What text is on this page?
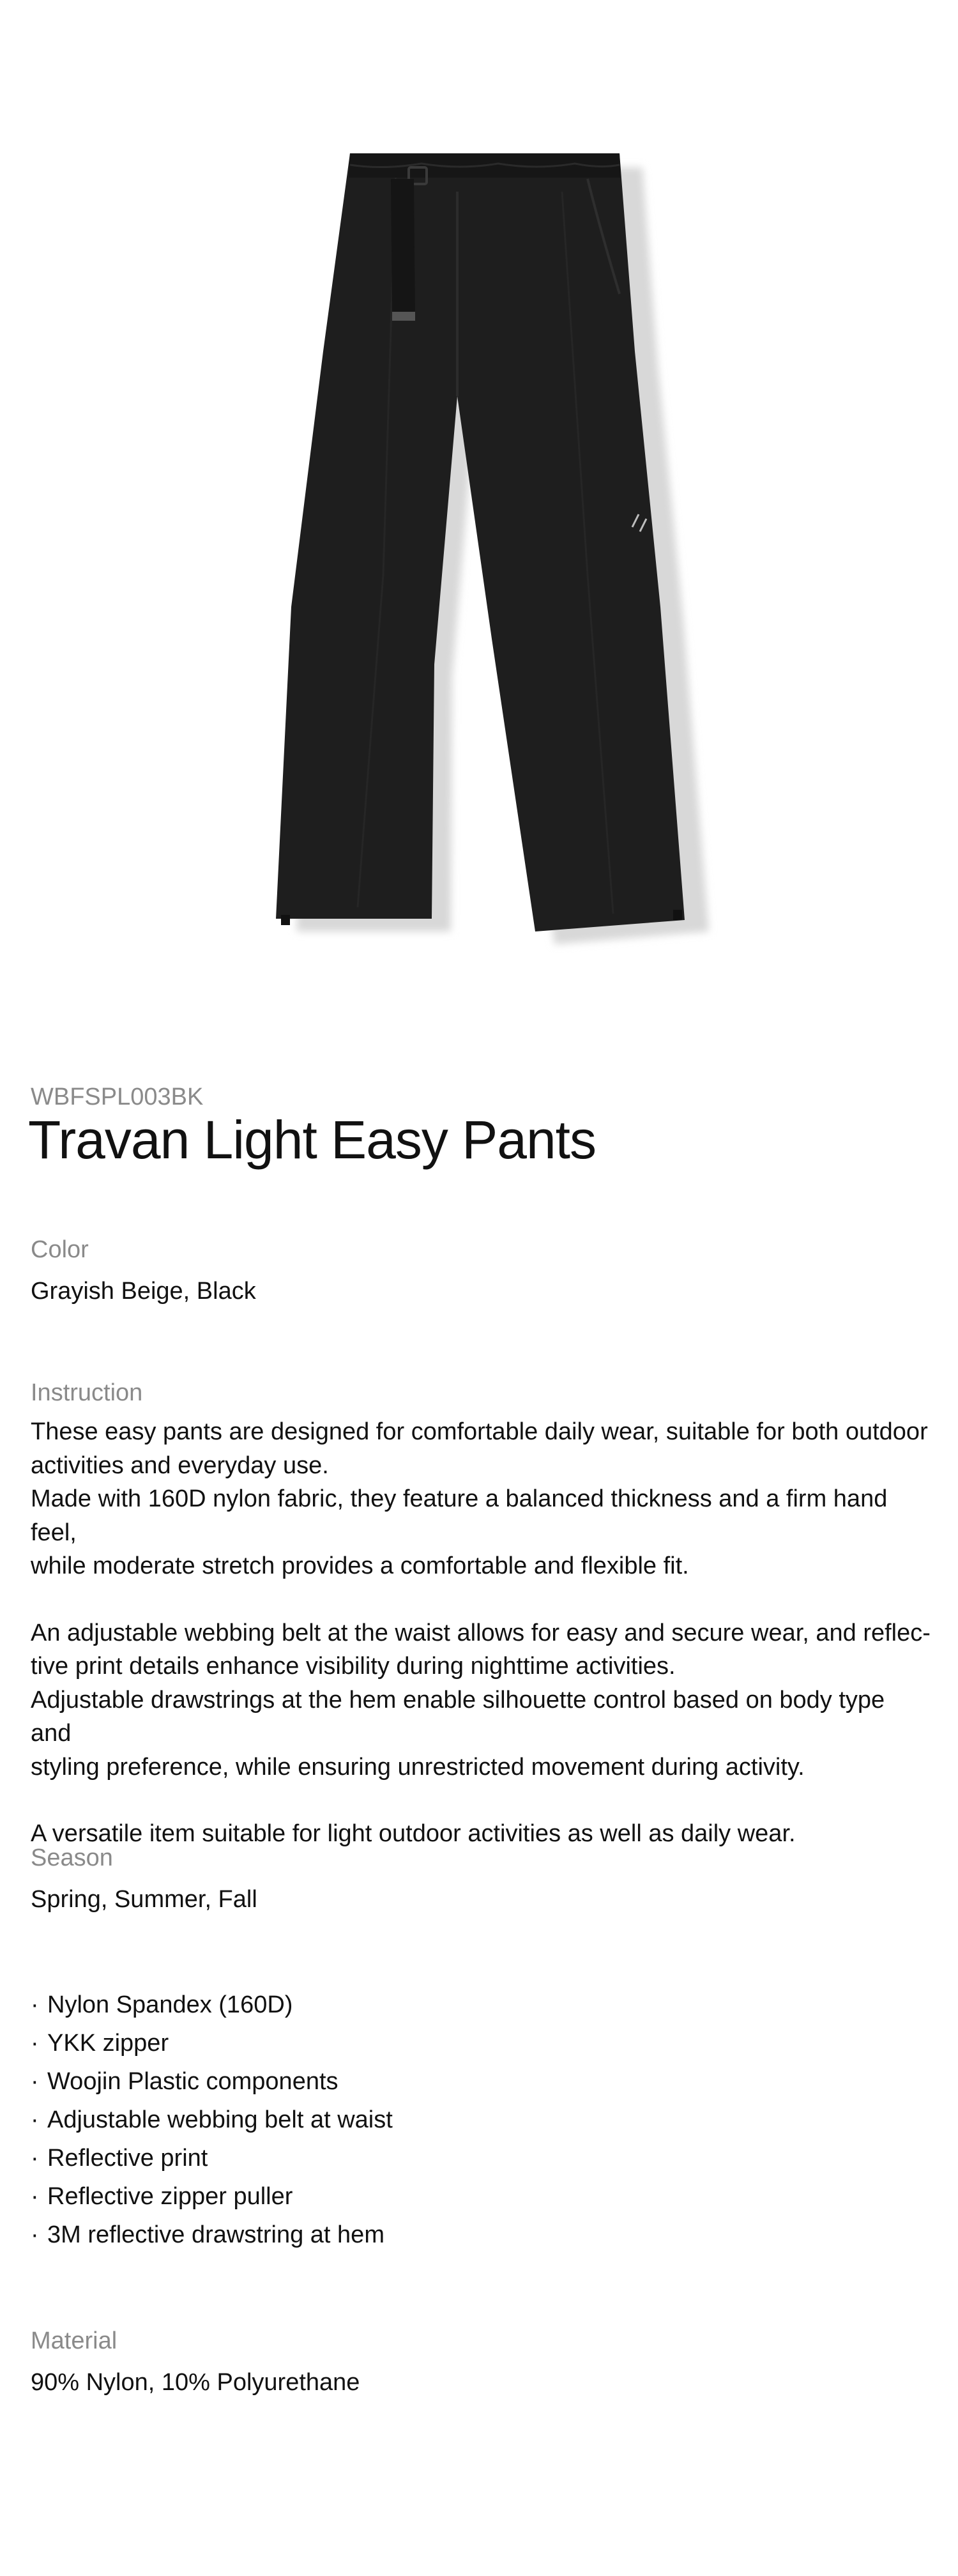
WBFSPL003BK
Travan Light Easy Pants
Color
Grayish Beige, Black
Instruction

These easy pants are designed for comfortable daily wear, suitable for both outdoor

activities and everyday use.

Made with 160D nylon fabric, they feature a balanced thickness and a firm hand feel,

while moderate stretch provides a comfortable and flexible fit.

An adjustable webbing belt at the waist allows for easy and secure wear, and reflec-

tive print details enhance visibility during nighttime activities.

Adjustable drawstrings at the hem enable silhouette control based on body type and

styling preference, while ensuring unrestricted movement during activity.

A versatile item suitable for light outdoor activities as well as daily wear.

Season
Spring, Summer, Fall
· Nylon Spandex (160D)
· YKK zipper
· Woojin Plastic components
· Adjustable webbing belt at waist
· Reflective print
· Reflective zipper puller
· 3M reflective drawstring at hem
Material
90% Nylon, 10% Polyurethane
